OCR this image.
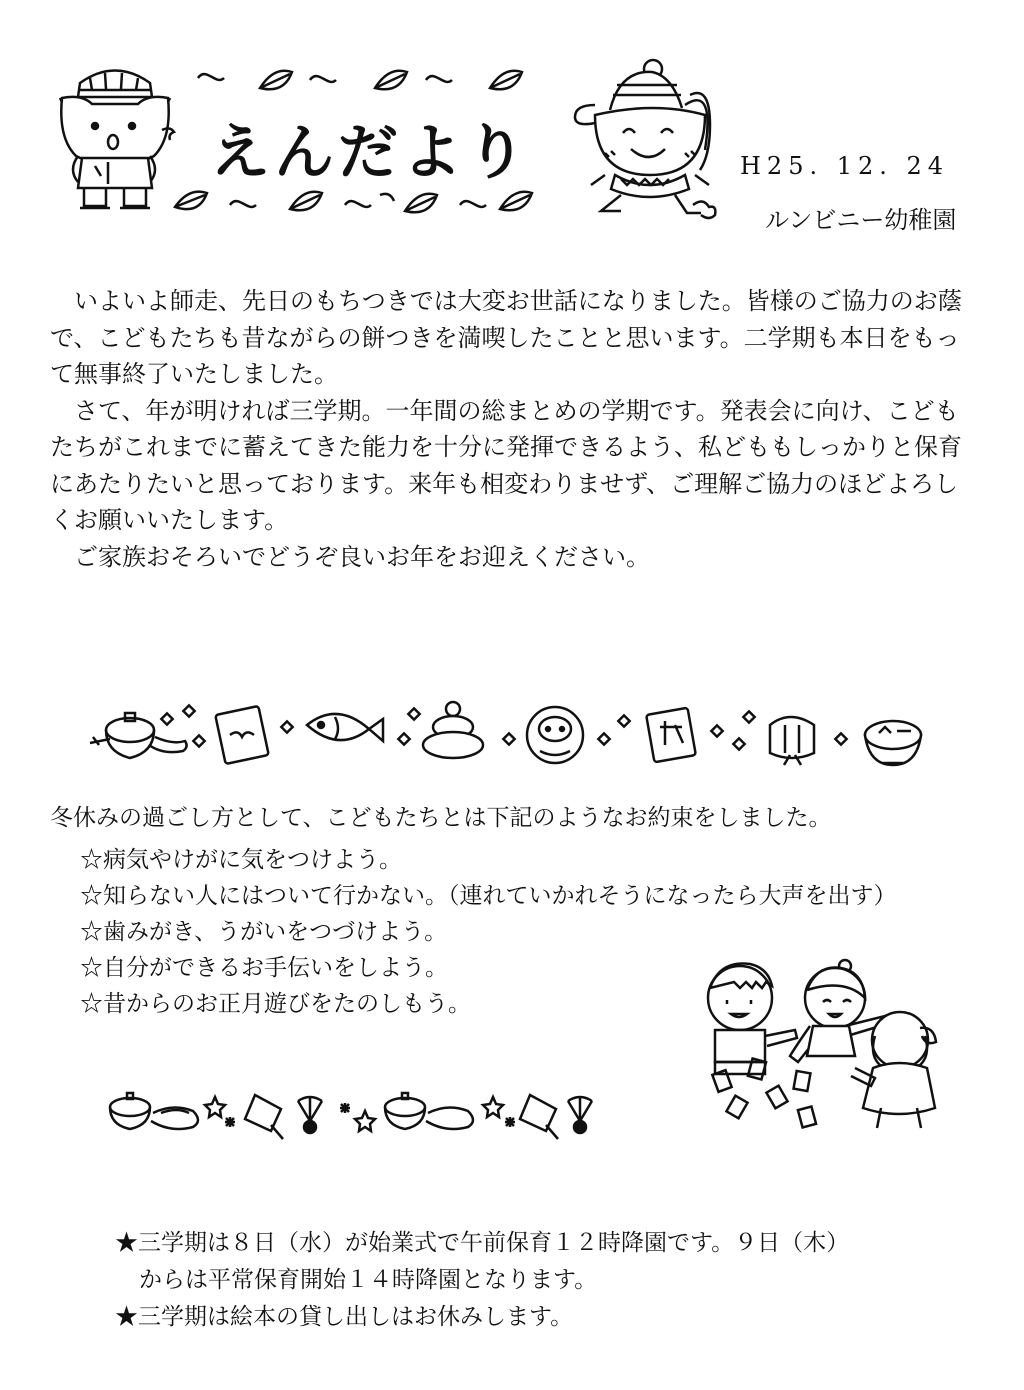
えんだより	H25. 12. 24
ルンビニー幼稚園

いよいよ師走、先日のもちつきでは大変お世話になりました。皆様のご協力のお蔭で、こどもたちも昔ながらの餅つきを満喫したことと思います。二学期も本日をもって無事終了いたしました。

さて、年が明ければ三学期。一年間の総まとめの学期です。発表会に向け、こどもたちがこれまでに蓄えてきた能力を十分に発揮できるよう、私どももしっかりと保育にあたりたいと思っております。来年も相変わりませず、ご理解ご協力のほどよろしくお願いいたします。

ご家族おそろいでどうぞ良いお年をお迎えください。

冬休みの過ごし方として、こどもたちとは下記のようなお約束をしました。
☆病気やけがに気をつけよう。
☆知らない人にはついて行かない。（連れていかれそうになったら大声を出す）
☆歯みがき、うがいをつづけよう。
☆自分ができるお手伝いをしよう。
☆昔からのお正月遊びをたのしもう。
★三学期は８日（水）が始業式で午前保育１２時降園です。９日（木）
からは平常保育開始１４時降園となります。
★三学期は絵本の貸し出しはお休みします。
